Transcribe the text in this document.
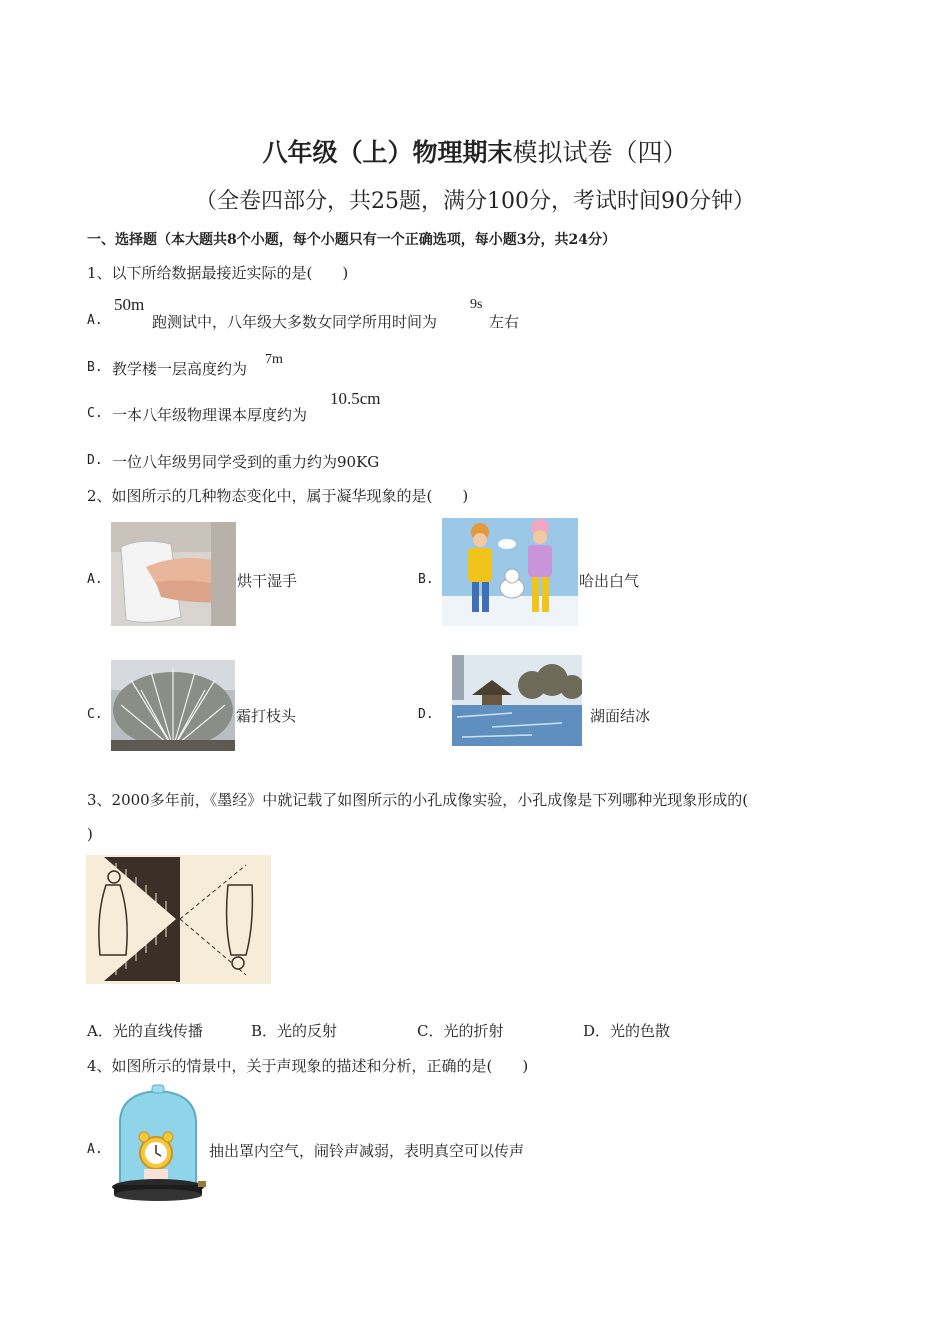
八年级（上）物理期末模拟试卷（四）
（全卷四部分，共25题，满分100分，考试时间90分钟）
一、选择题（本大题共8个小题，每个小题只有一个正确选项，每小题3分，共24分）
1、以下所给数据最接近实际的是(　　)
A.
50m
跑测试中，八年级大多数女同学所用时间为
9s
左右
B. 教学楼一层高度约为
7m
C. 一本八年级物理课本厚度约为
10.5cm
D. 一位八年级男同学受到的重力约为90KG
2、如图所示的几种物态变化中，属于凝华现象的是(　　)
A.	烘干湿手	B.	哈出白气
C.	霜打枝头	D.	湖面结冰
3、2000多年前，《墨经》中就记载了如图所示的小孔成像实验，小孔成像是下列哪种光现象形成的(
)
A．光的直线传播	B．光的反射	C．光的折射	D．光的色散
4、如图所示的情景中，关于声现象的描述和分析，正确的是(　　)
A.	抽出罩内空气，闹铃声减弱，表明真空可以传声
